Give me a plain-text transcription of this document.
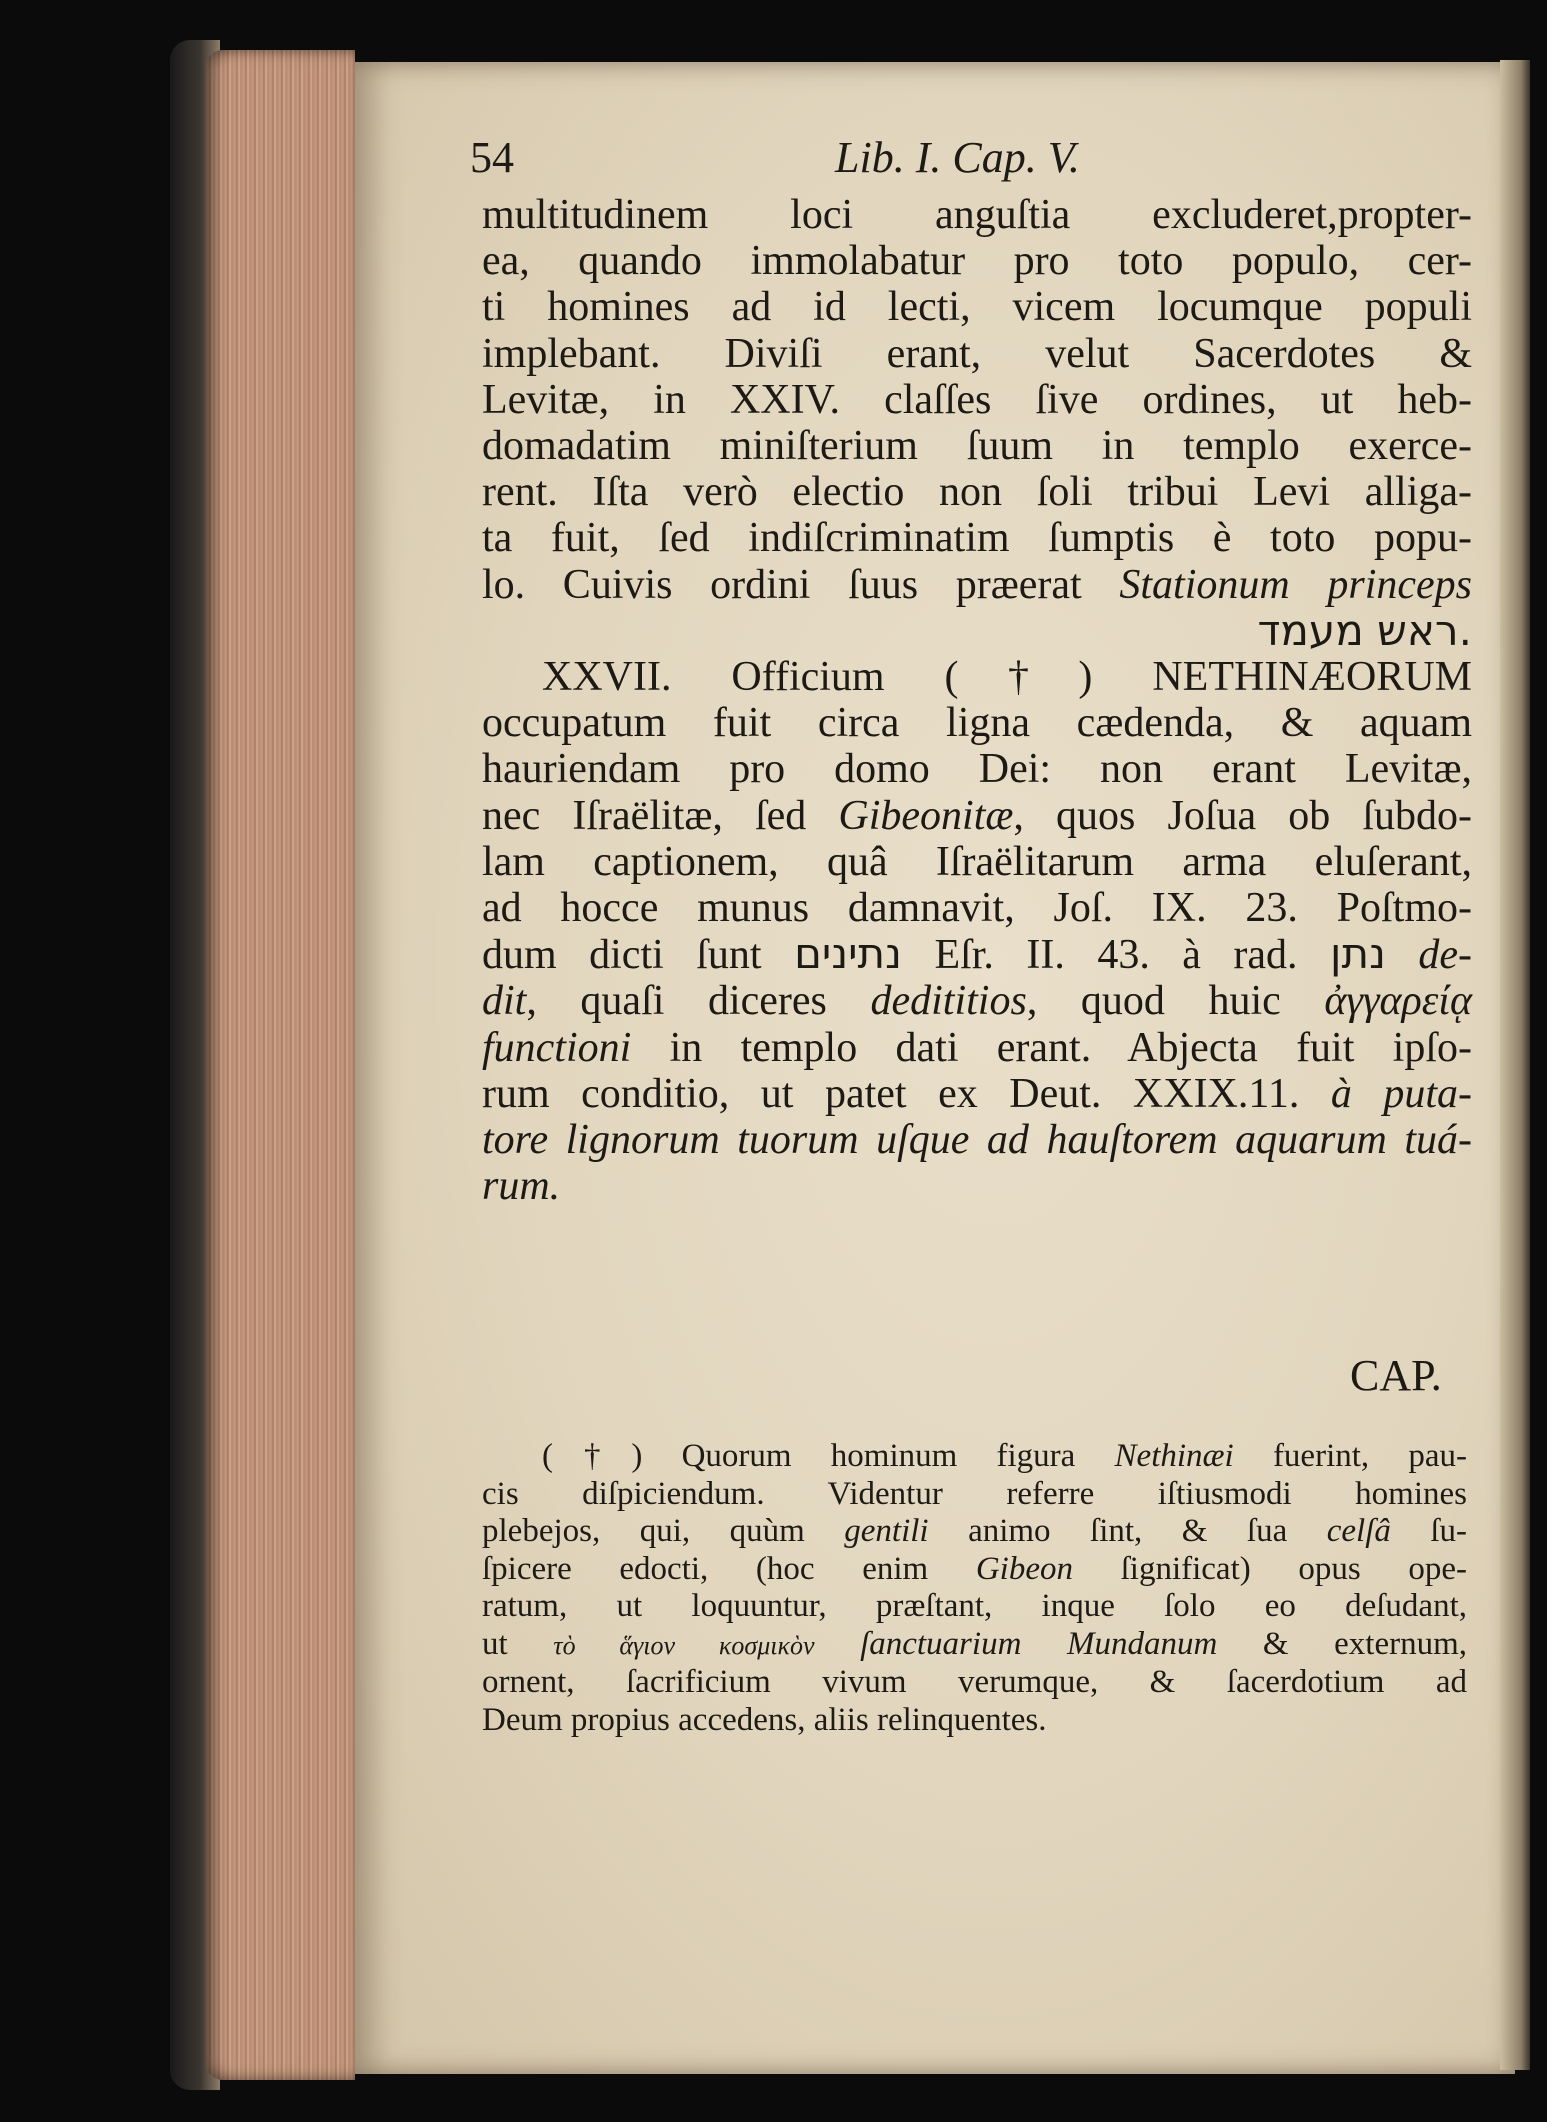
54	Lib. I. Cap. V.
multitudinem loci anguſtia excluderet,propter-
ea, quando immolabatur pro toto populo, cer-
ti homines ad id lecti, vicem locumque populi
implebant. Diviſi erant, velut Sacerdotes &
Levitæ, in XXIV. claſſes ſive ordines, ut heb-
domadatim miniſterium ſuum in templo exerce-
rent. Iſta verò electio non ſoli tribui Levi alliga-
ta fuit, ſed indiſcriminatim ſumptis è toto popu-
lo. Cuivis ordini ſuus præerat Stationum princeps
ראש מעמד.
XXVII. Officium (†) NETHINÆORUM
occupatum fuit circa ligna cædenda, & aquam
hauriendam pro domo Dei: non erant Levitæ,
nec Iſraëlitæ, ſed Gibeonitæ, quos Joſua ob ſubdo-
lam captionem, quâ Iſraëlitarum arma eluſerant,
ad hocce munus damnavit, Joſ. IX. 23. Poſtmo-
dum dicti ſunt נתינים Eſr. II. 43. à rad. נתן de-
dit, quaſi diceres dedititios, quod huic ἀγγαρείᾳ
functioni in templo dati erant. Abjecta fuit ipſo-
rum conditio, ut patet ex Deut. XXIX.11. à puta-
tore lignorum tuorum uſque ad hauſtorem aquarum tuá-
rum.
CAP.
(†) Quorum hominum figura Nethinæi fuerint, pau-
cis diſpiciendum. Videntur referre iſtiusmodi homines
plebejos, qui, quùm gentili animo ſint, & ſua celſâ ſu-
ſpicere edocti, (hoc enim Gibeon ſignificat) opus ope-
ratum, ut loquuntur, præſtant, inque ſolo eo deſudant,
ut τὸ ἅγιον κοσμικὸν ſanctuarium Mundanum & externum,
ornent, ſacrificium vivum verumque, & ſacerdotium ad
Deum propius accedens, aliis relinquentes.
